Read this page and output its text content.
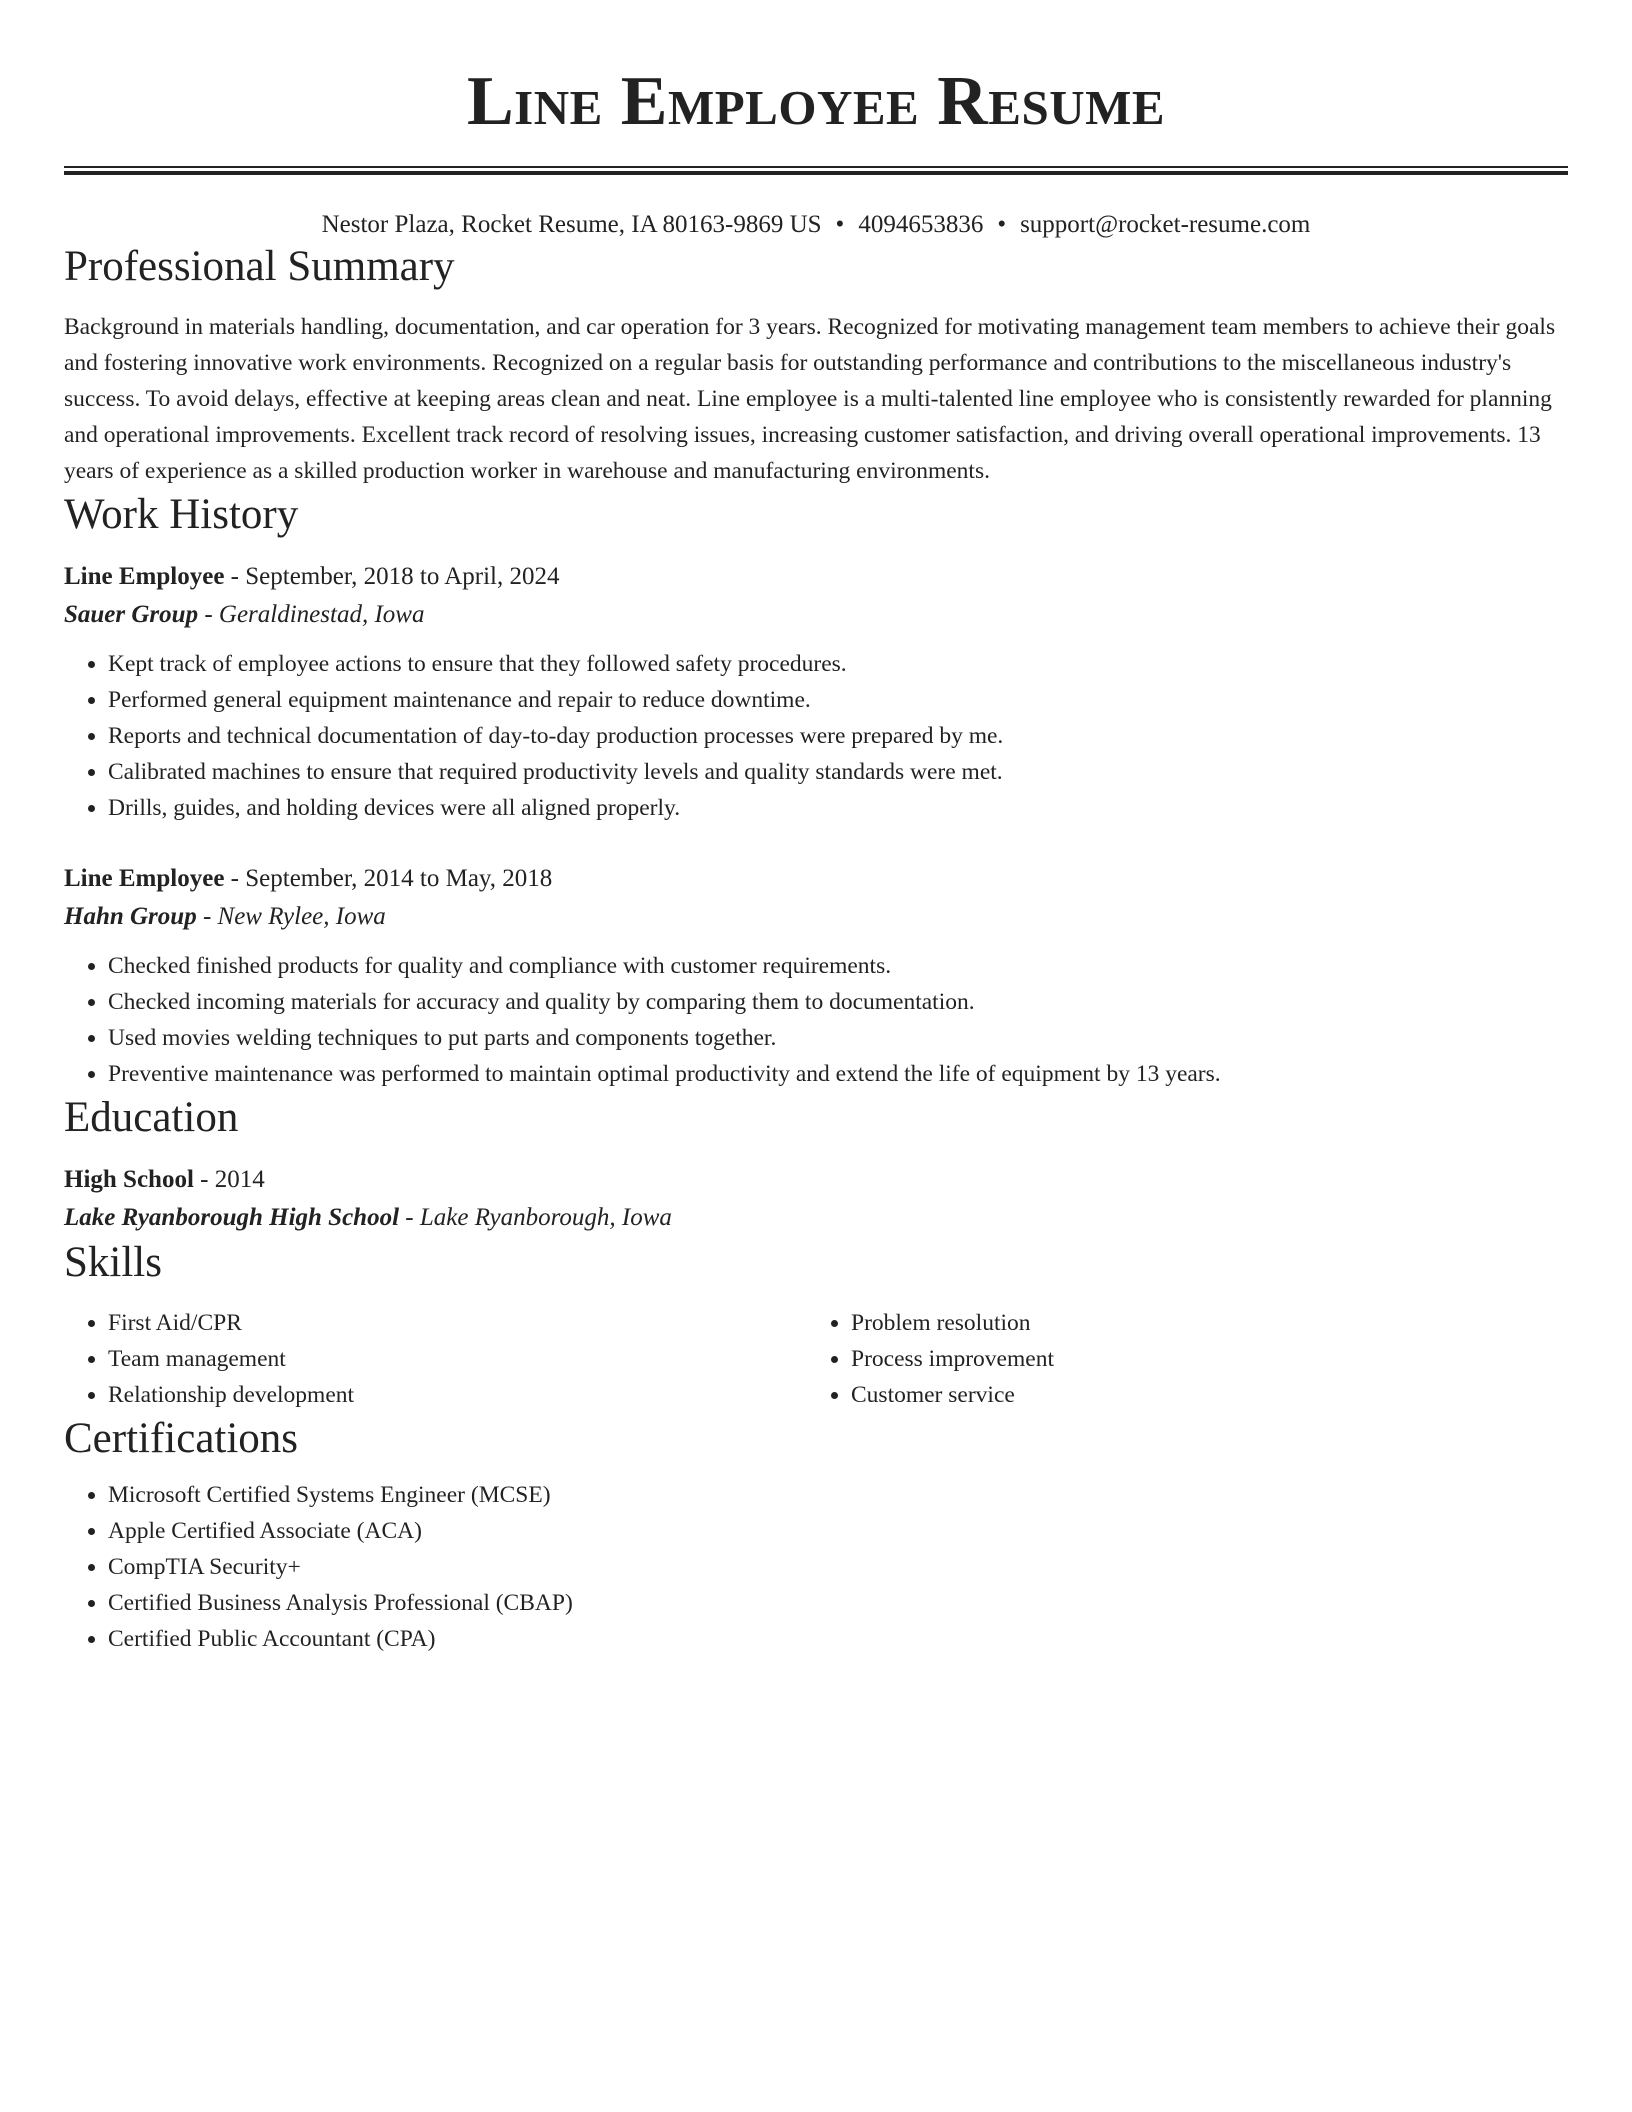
Line Employee Resume
Nestor Plaza, Rocket Resume, IA 80163-9869 US • 4094653836 • support@rocket-resume.com
Professional Summary

Background in materials handling, documentation, and car operation for 3 years. Recognized for motivating management team members to achieve their goals and fostering innovative work environments. Recognized on a regular basis for outstanding performance and contributions to the miscellaneous industry's success. To avoid delays, effective at keeping areas clean and neat. Line employee is a multi-talented line employee who is consistently rewarded for planning and operational improvements. Excellent track record of resolving issues, increasing customer satisfaction, and driving overall operational improvements. 13 years of experience as a skilled production worker in warehouse and manufacturing environments.

Work History
Line Employee - September, 2018 to April, 2024
Sauer Group - Geraldinestad, Iowa
• Kept track of employee actions to ensure that they followed safety procedures.
• Performed general equipment maintenance and repair to reduce downtime.
• Reports and technical documentation of day-to-day production processes were prepared by me.
• Calibrated machines to ensure that required productivity levels and quality standards were met.
• Drills, guides, and holding devices were all aligned properly.
Line Employee - September, 2014 to May, 2018
Hahn Group - New Rylee, Iowa
• Checked finished products for quality and compliance with customer requirements.
• Checked incoming materials for accuracy and quality by comparing them to documentation.
• Used movies welding techniques to put parts and components together.
• Preventive maintenance was performed to maintain optimal productivity and extend the life of equipment by 13 years.
Education
High School - 2014
Lake Ryanborough High School - Lake Ryanborough, Iowa
Skills
• First Aid/CPR
• Team management
• Relationship development
• Problem resolution
• Process improvement
• Customer service
Certifications
• Microsoft Certified Systems Engineer (MCSE)
• Apple Certified Associate (ACA)
• CompTIA Security+
• Certified Business Analysis Professional (CBAP)
• Certified Public Accountant (CPA)
